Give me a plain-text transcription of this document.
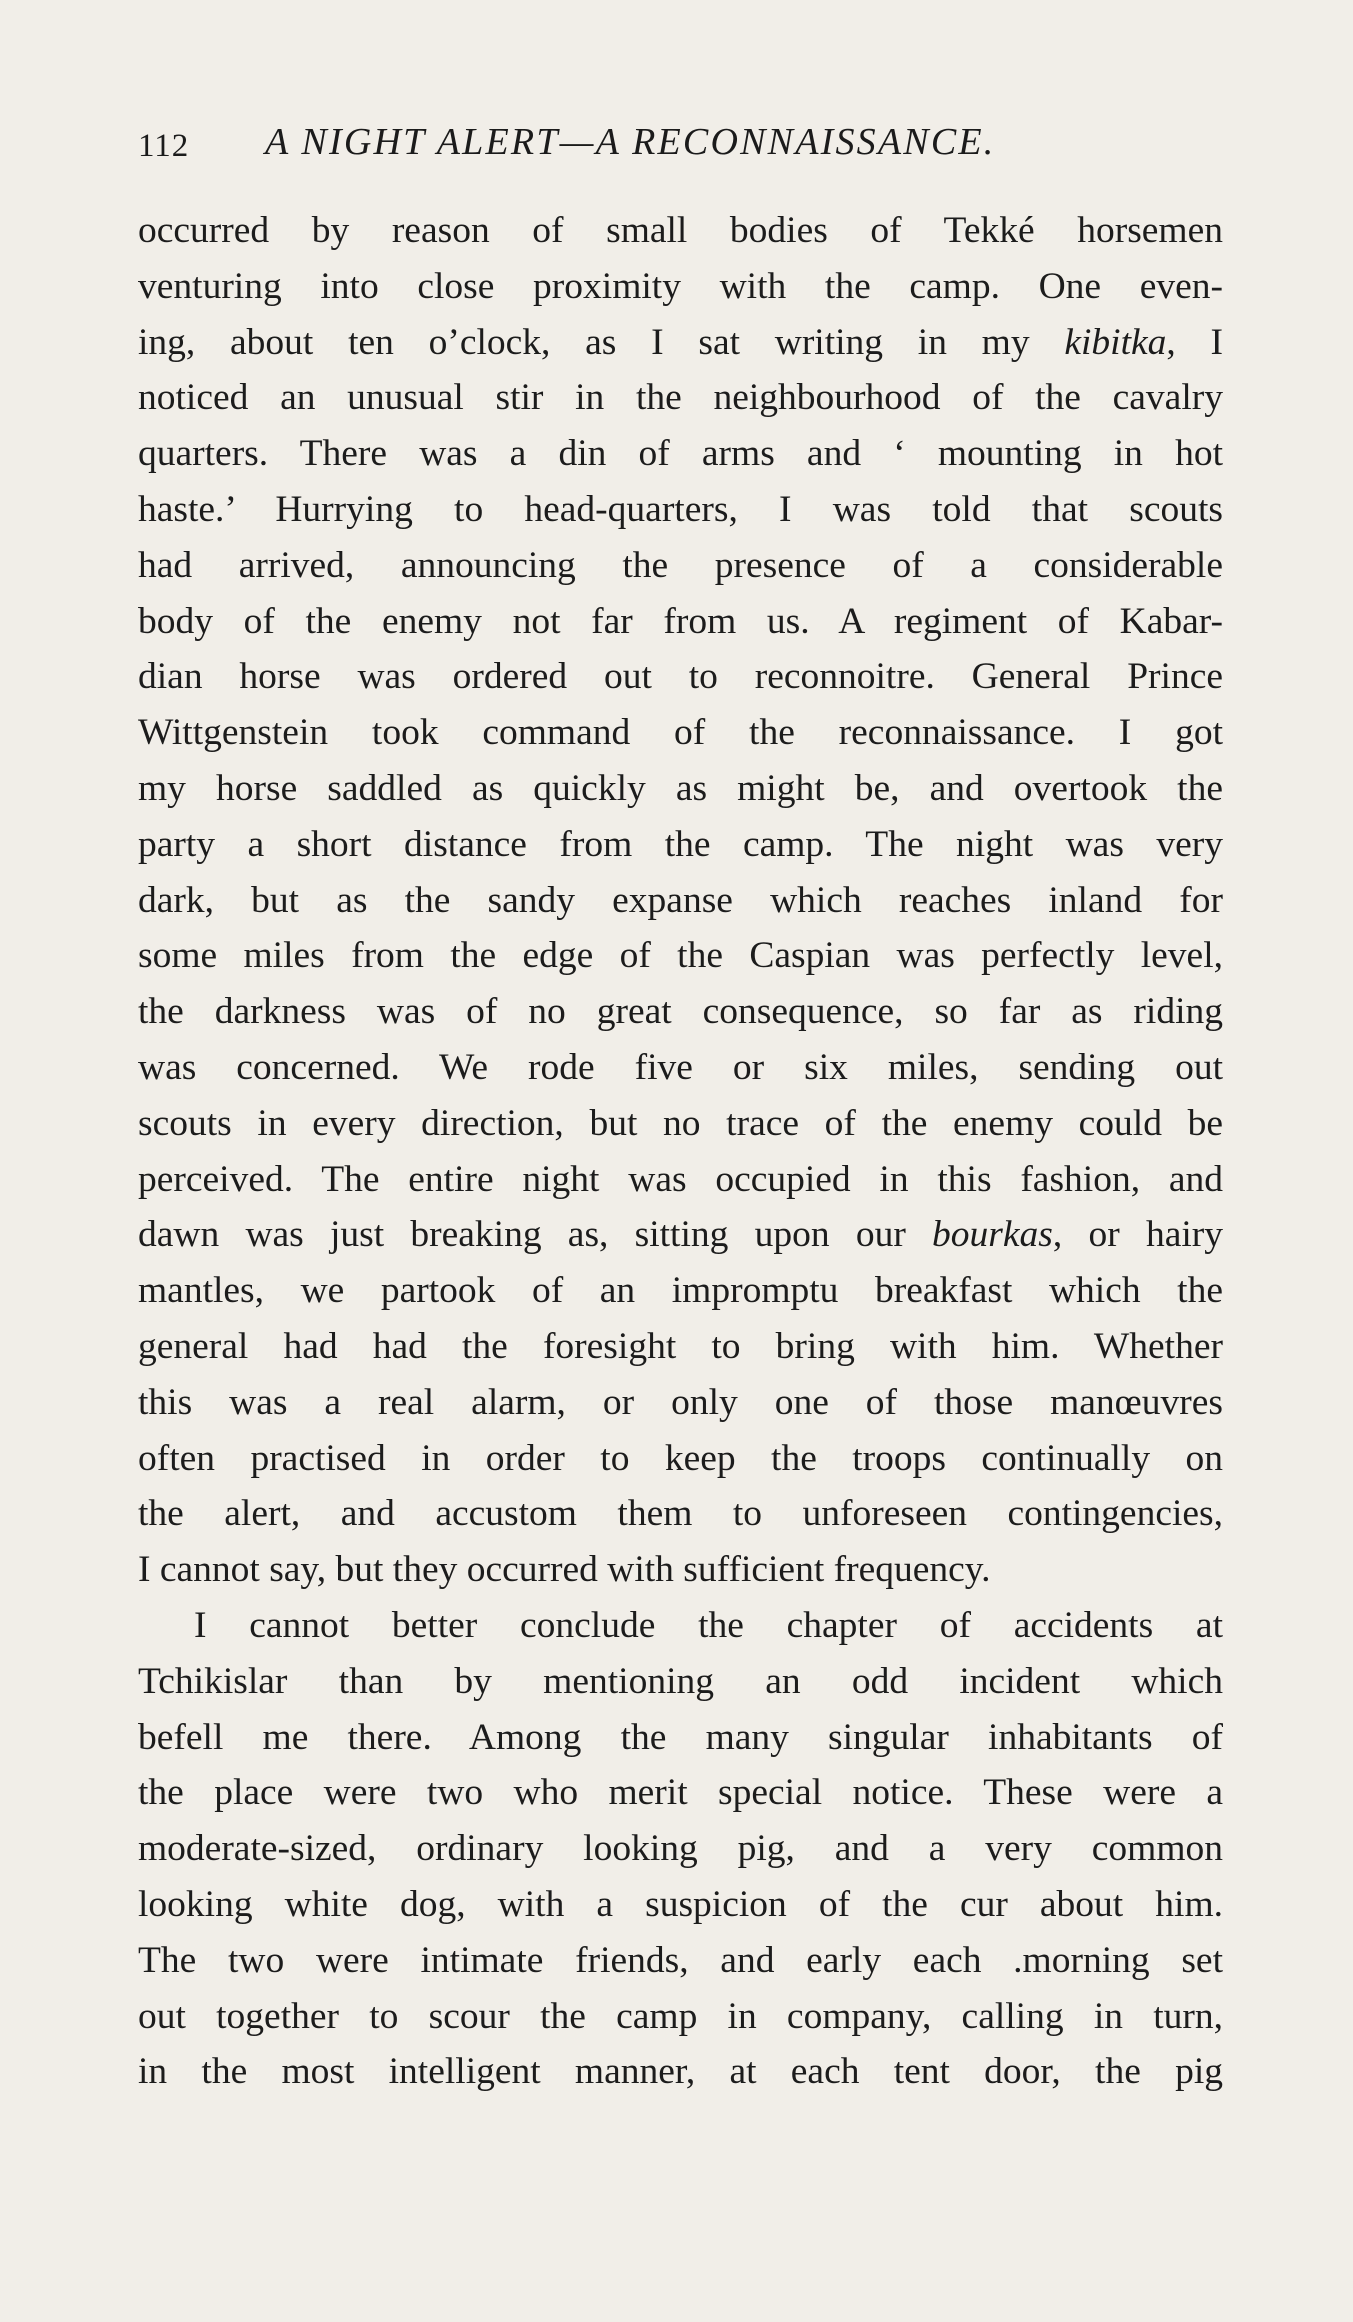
112 A NIGHT ALERT—A RECONNAISSANCE.
occurred by reason of small bodies of Tekké horsemen
venturing into close proximity with the camp. One even-
ing, about ten o’clock, as I sat writing in my kibitka, I
noticed an unusual stir in the neighbourhood of the cavalry
quarters. There was a din of arms and ‘ mounting in hot
haste.’ Hurrying to head-quarters, I was told that scouts
had arrived, announcing the presence of a considerable
body of the enemy not far from us. A regiment of Kabar-
dian horse was ordered out to reconnoitre. General Prince
Wittgenstein took command of the reconnaissance. I got
my horse saddled as quickly as might be, and overtook the
party a short distance from the camp. The night was very
dark, but as the sandy expanse which reaches inland for
some miles from the edge of the Caspian was perfectly level,
the darkness was of no great consequence, so far as riding
was concerned. We rode five or six miles, sending out
scouts in every direction, but no trace of the enemy could be
perceived. The entire night was occupied in this fashion, and
dawn was just breaking as, sitting upon our bourkas, or hairy
mantles, we partook of an impromptu breakfast which the
general had had the foresight to bring with him. Whether
this was a real alarm, or only one of those manœuvres
often practised in order to keep the troops continually on
the alert, and accustom them to unforeseen contingencies,
I cannot say, but they occurred with sufficient frequency.
I cannot better conclude the chapter of accidents at
Tchikislar than by mentioning an odd incident which
befell me there. Among the many singular inhabitants of
the place were two who merit special notice. These were a
moderate-sized, ordinary looking pig, and a very common
looking white dog, with a suspicion of the cur about him.
The two were intimate friends, and early each .morning set
out together to scour the camp in company, calling in turn,
in the most intelligent manner, at each tent door, the pig
